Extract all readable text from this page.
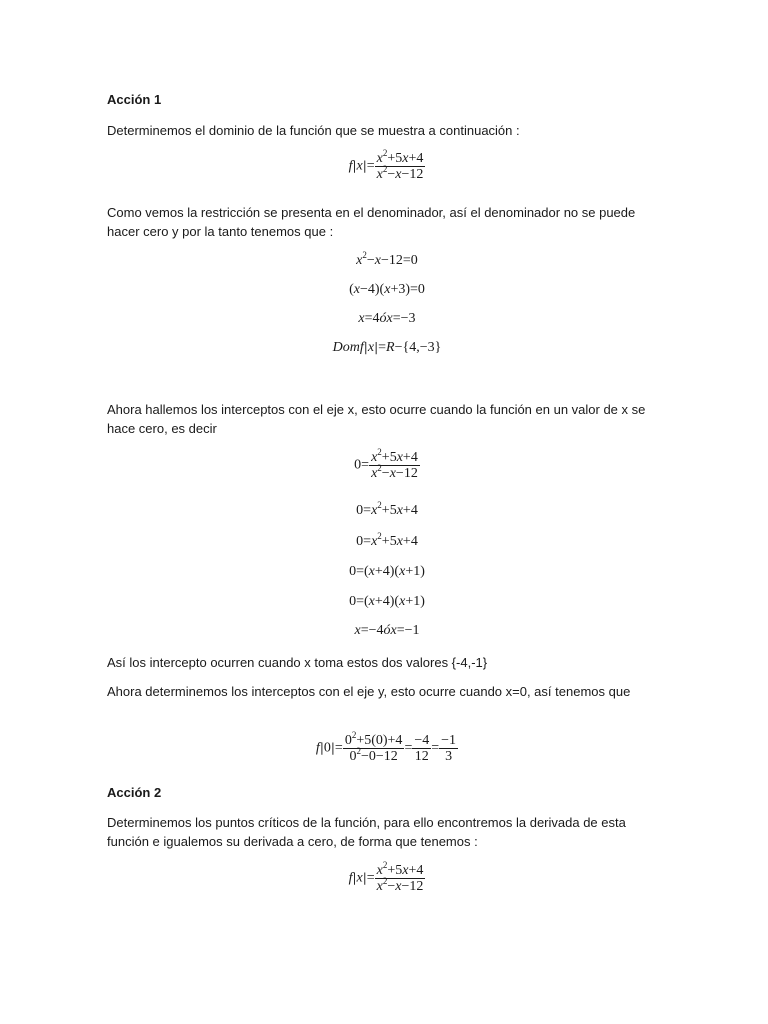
Acción 1
Determinemos el dominio de la función que se muestra a continuación :
$f|x|= \frac{x^2+5x+4}{x^2-x-12}$
Como vemos la restricción se presenta en el denominador, así el denominador no se puede hacer cero y por la tanto tenemos que :
$x^2-x-12=0$
(x−4)(x+3)=0
x=4óx=−3
Domf|x|=R−{4,−3}
Ahora hallemos los interceptos con el eje x, esto ocurre cuando la función en un valor de x se hace cero, es decir
$0= \frac{x^2+5x+4}{x^2-x-12}$
$0=x^2+5x+4$
$0=x^2+5x+4$
0=(x+4)(x+1)
0=(x+4)(x+1)
x=−4óx=−1
Así los intercepto ocurren cuando x toma estos dos valores {-4,-1}
Ahora determinemos los interceptos con el eje y, esto ocurre cuando x=0, así tenemos que
$f|0|= \frac{0^2+5(0)+4}{0^2-0-12} = \frac{-4}{12} = \frac{-1}{3}$
Acción 2
Determinemos los puntos críticos de la función, para ello encontremos la derivada de esta función e igualemos su derivada a cero, de forma que tenemos :
$f|x|= \frac{x^2+5x+4}{x^2-x-12}$
